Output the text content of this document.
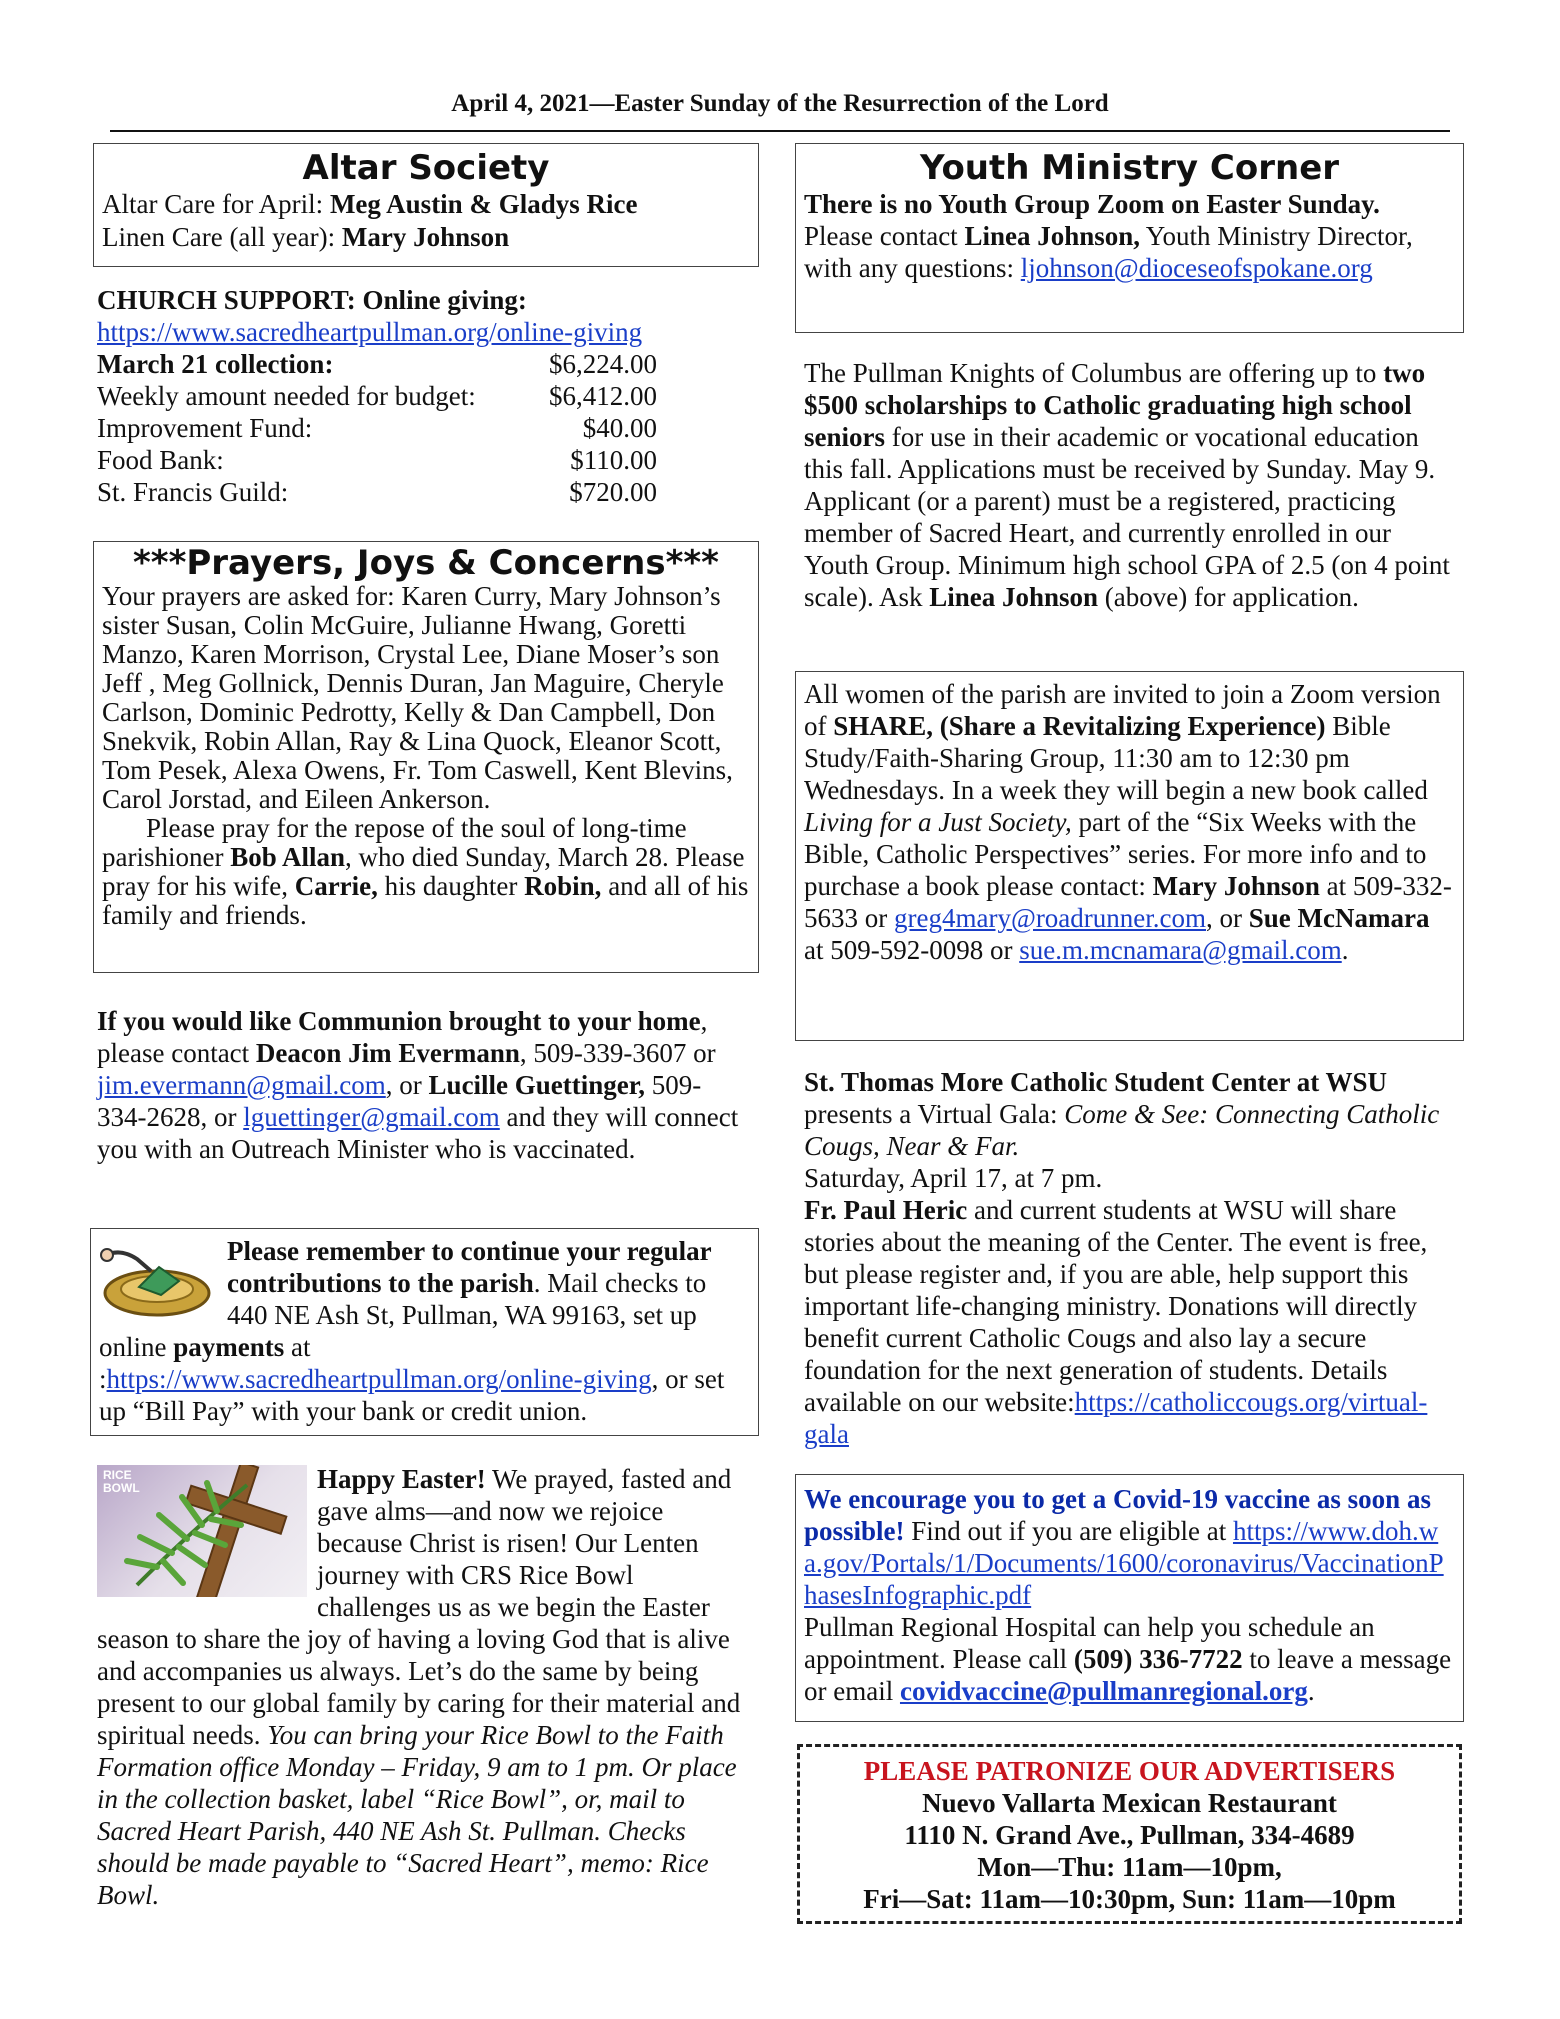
April 4, 2021—Easter Sunday of the Resurrection of the Lord
Altar Society
Altar Care for April: Meg Austin & Gladys Rice
Linen Care (all year): Mary Johnson
CHURCH SUPPORT: Online giving:
https://www.sacredheartpullman.org/online-giving
March 21 collection:	$6,224.00
Weekly amount needed for budget:	$6,412.00
Improvement Fund:	$40.00
Food Bank:	$110.00
St. Francis Guild:	$720.00
***Prayers, Joys & Concerns***

Your prayers are asked for: Karen Curry, Mary Johnson’s sister Susan, Colin McGuire, Julianne Hwang, Goretti Manzo, Karen Morrison, Crystal Lee, Diane Moser’s son Jeff , Meg Gollnick, Dennis Duran, Jan Maguire, Cheryle Carlson, Dominic Pedrotty, Kelly & Dan Campbell, Don Snekvik, Robin Allan, Ray & Lina Quock, Eleanor Scott, Tom Pesek, Alexa Owens, Fr. Tom Caswell, Kent Blevins, Carol Jorstad, and Eileen Ankerson.

Please pray for the repose of the soul of long-time parishioner Bob Allan, who died Sunday, March 28. Please pray for his wife, Carrie, his daughter Robin, and all of his family and friends.

If you would like Communion brought to your home, please contact Deacon Jim Evermann, 509-339-3607 or jim.evermann@gmail.com, or Lucille Guettinger, 509-334-2628, or lguettinger@gmail.com and they will connect you with an Outreach Minister who is vaccinated.
Please remember to continue your regular contributions to the parish. Mail checks to 440 NE Ash St, Pullman, WA 99163, set up online payments at :https://www.sacredheartpullman.org/online-giving, or set up “Bill Pay” with your bank or credit union.
RICE BOWL	Happy Easter! We prayed, fasted and gave alms—and now we rejoice because Christ is risen! Our Lenten journey with CRS Rice Bowl challenges us as we begin the Easter season to share the joy of having a loving God that is alive and accompanies us always. Let’s do the same by being present to our global family by caring for their material and spiritual needs. You can bring your Rice Bowl to the Faith Formation office Monday – Friday, 9 am to 1 pm. Or place in the collection basket, label “Rice Bowl”, or, mail to Sacred Heart Parish, 440 NE Ash St. Pullman. Checks should be made payable to “Sacred Heart”, memo: Rice Bowl.
Youth Ministry Corner
There is no Youth Group Zoom on Easter Sunday. Please contact Linea Johnson, Youth Ministry Director, with any questions: ljohnson@dioceseofspokane.org
The Pullman Knights of Columbus are offering up to two $500 scholarships to Catholic graduating high school seniors for use in their academic or vocational education this fall. Applications must be received by Sunday. May 9. Applicant (or a parent) must be a registered, practicing member of Sacred Heart, and currently enrolled in our Youth Group. Minimum high school GPA of 2.5 (on 4 point scale). Ask Linea Johnson (above) for application.
All women of the parish are invited to join a Zoom version of SHARE, (Share a Revitalizing Experience) Bible Study/Faith-Sharing Group, 11:30 am to 12:30 pm Wednesdays. In a week they will begin a new book called Living for a Just Society, part of the “Six Weeks with the Bible, Catholic Perspectives” series. For more info and to purchase a book please contact: Mary Johnson at 509-332-5633 or greg4mary@roadrunner.com, or Sue McNamara at 509-592-0098 or sue.m.mcnamara@gmail.com.
St. Thomas More Catholic Student Center at WSU presents a Virtual Gala: Come & See: Connecting Catholic Cougs, Near & Far.
Saturday, April 17, at 7 pm.
Fr. Paul Heric and current students at WSU will share stories about the meaning of the Center. The event is free, but please register and, if you are able, help support this important life-changing ministry. Donations will directly benefit current Catholic Cougs and also lay a secure foundation for the next generation of students. Details available on our website:https://catholiccougs.org/virtual-gala
We encourage you to get a Covid-19 vaccine as soon as possible! Find out if you are eligible at https://www.doh.wa.gov/Portals/1/Documents/1600/coronavirus/VaccinationPhasesInfographic.pdf
Pullman Regional Hospital can help you schedule an appointment. Please call (509) 336-7722 to leave a message or email covidvaccine@pullmanregional.org.
PLEASE PATRONIZE OUR ADVERTISERS
Nuevo Vallarta Mexican Restaurant
1110 N. Grand Ave., Pullman, 334-4689
Mon—Thu: 11am—10pm,
Fri—Sat: 11am—10:30pm, Sun: 11am—10pm
